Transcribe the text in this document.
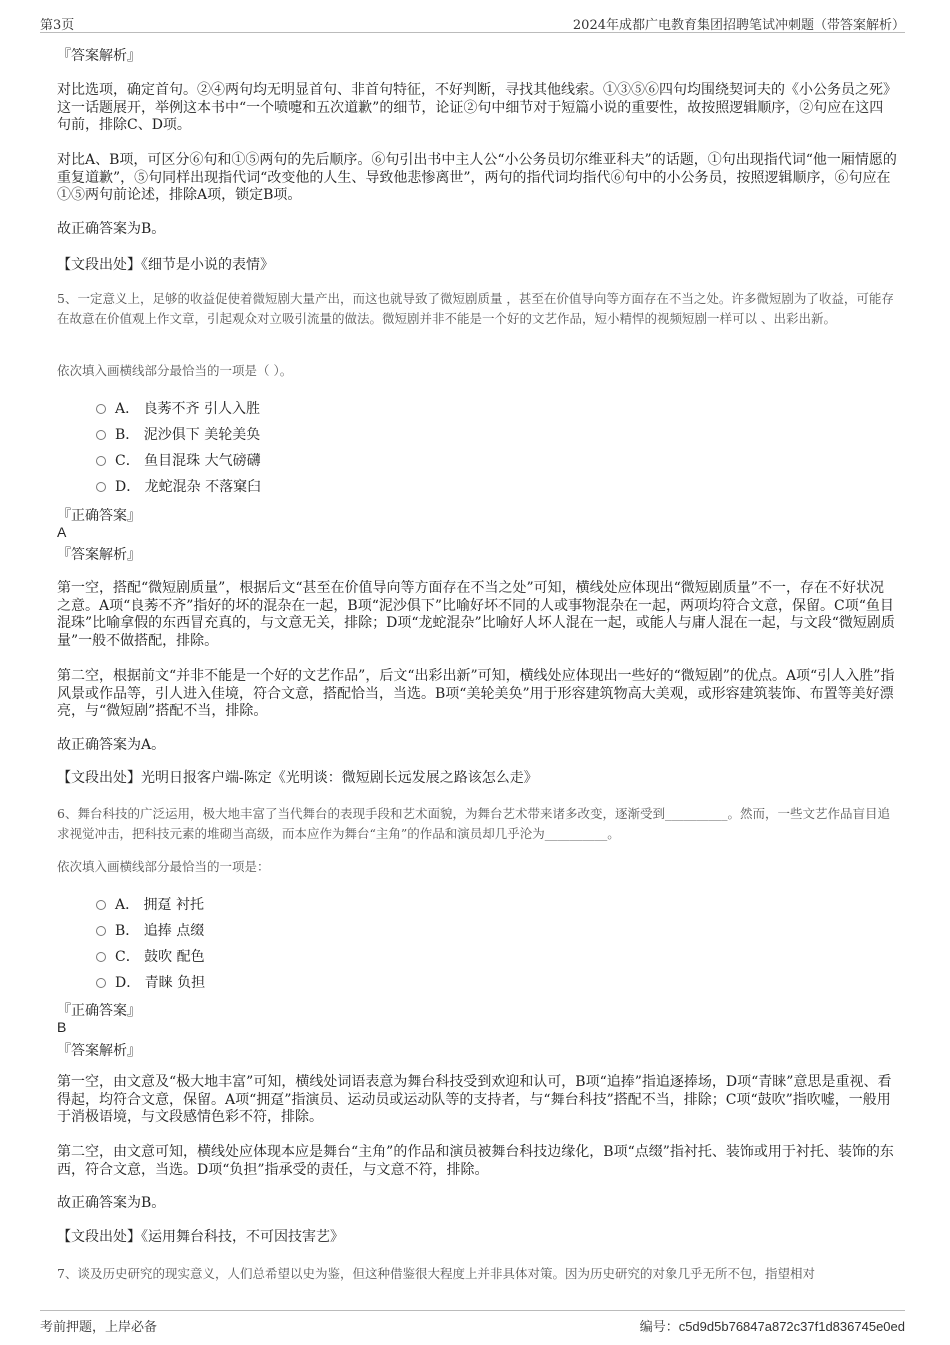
第3页	2024年成都广电教育集团招聘笔试冲刺题（带答案解析）
『答案解析』
对比选项，确定首句。②④两句均无明显首句、非首句特征，不好判断，寻找其他线索。①③⑤⑥四句均围绕契诃夫的《小公务员之死》这一话题展开，举例这本书中“一个喷嚏和五次道歉”的细节，论证②句中细节对于短篇小说的重要性，故按照逻辑顺序，②句应在这四句前，排除C、D项。
对比A、B项，可区分⑥句和①⑤两句的先后顺序。⑥句引出书中主人公“小公务员切尔维亚科夫”的话题，①句出现指代词“他一厢情愿的重复道歉”，⑤句同样出现指代词“改变他的人生、导致他悲惨离世”，两句的指代词均指代⑥句中的小公务员，按照逻辑顺序，⑥句应在①⑤两句前论述，排除A项，锁定B项。
故正确答案为B。
【文段出处】《细节是小说的表情》
5、一定意义上，足够的收益促使着微短剧大量产出，而这也就导致了微短剧质量 ，甚至在价值导向等方面存在不当之处。许多微短剧为了收益，可能存在故意在价值观上作文章，引起观众对立吸引流量的做法。微短剧并非不能是一个好的文艺作品，短小精悍的视频短剧一样可以 、出彩出新。
依次填入画横线部分最恰当的一项是（ ）。
A． 良莠不齐 引人入胜
B． 泥沙俱下 美轮美奂
C． 鱼目混珠 大气磅礴
D． 龙蛇混杂 不落窠臼
『正确答案』
A
『答案解析』
第一空，搭配“微短剧质量”，根据后文“甚至在价值导向等方面存在不当之处”可知，横线处应体现出“微短剧质量”不一，存在不好状况之意。A项“良莠不齐”指好的坏的混杂在一起，B项“泥沙俱下”比喻好坏不同的人或事物混杂在一起，两项均符合文意，保留。C项“鱼目混珠”比喻拿假的东西冒充真的，与文意无关，排除；D项“龙蛇混杂”比喻好人坏人混在一起，或能人与庸人混在一起，与文段“微短剧质量”一般不做搭配，排除。
第二空，根据前文“并非不能是一个好的文艺作品”，后文“出彩出新”可知，横线处应体现出一些好的“微短剧”的优点。A项“引人入胜”指风景或作品等，引人进入佳境，符合文意，搭配恰当，当选。B项“美轮美奂”用于形容建筑物高大美观，或形容建筑装饰、布置等美好漂亮，与“微短剧”搭配不当，排除。
故正确答案为A。
【文段出处】光明日报客户端-陈定《光明谈：微短剧长远发展之路该怎么走》
6、舞台科技的广泛运用，极大地丰富了当代舞台的表现手段和艺术面貌，为舞台艺术带来诸多改变，逐渐受到__________。然而，一些文艺作品盲目追求视觉冲击，把科技元素的堆砌当高级，而本应作为舞台“主角”的作品和演员却几乎沦为__________。
依次填入画横线部分最恰当的一项是：
A． 拥趸 衬托
B． 追捧 点缀
C． 鼓吹 配色
D． 青睐 负担
『正确答案』
B
『答案解析』
第一空，由文意及“极大地丰富”可知，横线处词语表意为舞台科技受到欢迎和认可，B项“追捧”指追逐捧场，D项“青睐”意思是重视、看得起，均符合文意，保留。A项“拥趸”指演员、运动员或运动队等的支持者，与“舞台科技”搭配不当，排除；C项“鼓吹”指吹嘘，一般用于消极语境，与文段感情色彩不符，排除。
第二空，由文意可知，横线处应体现本应是舞台“主角”的作品和演员被舞台科技边缘化，B项“点缀”指衬托、装饰或用于衬托、装饰的东西，符合文意，当选。D项“负担”指承受的责任，与文意不符，排除。
故正确答案为B。
【文段出处】《运用舞台科技，不可因技害艺》
7、谈及历史研究的现实意义，人们总希望以史为鉴，但这种借鉴很大程度上并非具体对策。因为历史研究的对象几乎无所不包，指望相对
考前押题，上岸必备	编号：c5d9d5b76847a872c37f1d836745e0ed
